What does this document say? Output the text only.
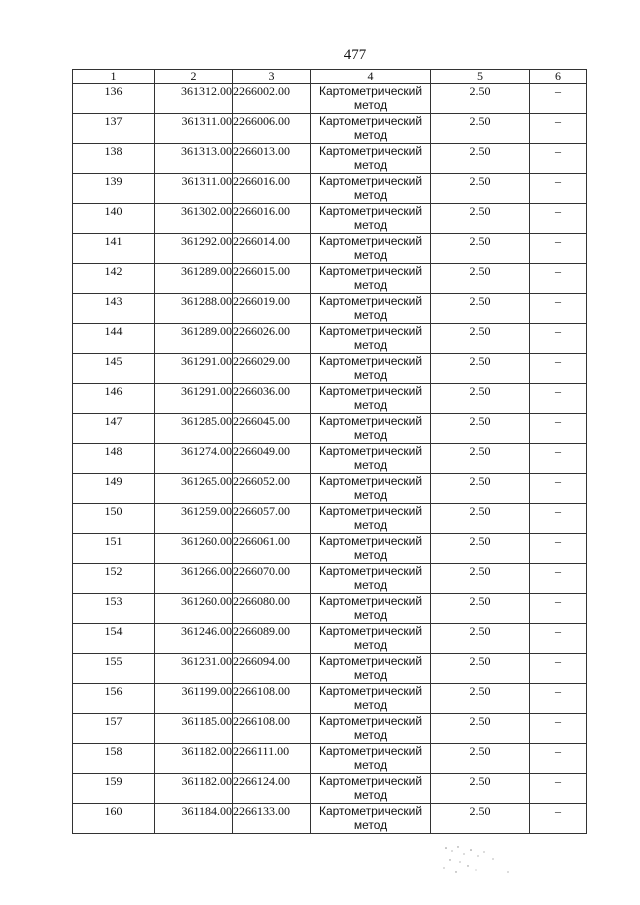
477
1	2	3	4	5	6
136	361312.00	2266002.00	Картометрический метод	2.50	–
137	361311.00	2266006.00	Картометрический метод	2.50	–
138	361313.00	2266013.00	Картометрический метод	2.50	–
139	361311.00	2266016.00	Картометрический метод	2.50	–
140	361302.00	2266016.00	Картометрический метод	2.50	–
141	361292.00	2266014.00	Картометрический метод	2.50	–
142	361289.00	2266015.00	Картометрический метод	2.50	–
143	361288.00	2266019.00	Картометрический метод	2.50	–
144	361289.00	2266026.00	Картометрический метод	2.50	–
145	361291.00	2266029.00	Картометрический метод	2.50	–
146	361291.00	2266036.00	Картометрический метод	2.50	–
147	361285.00	2266045.00	Картометрический метод	2.50	–
148	361274.00	2266049.00	Картометрический метод	2.50	–
149	361265.00	2266052.00	Картометрический метод	2.50	–
150	361259.00	2266057.00	Картометрический метод	2.50	–
151	361260.00	2266061.00	Картометрический метод	2.50	–
152	361266.00	2266070.00	Картометрический метод	2.50	–
153	361260.00	2266080.00	Картометрический метод	2.50	–
154	361246.00	2266089.00	Картометрический метод	2.50	–
155	361231.00	2266094.00	Картометрический метод	2.50	–
156	361199.00	2266108.00	Картометрический метод	2.50	–
157	361185.00	2266108.00	Картометрический метод	2.50	–
158	361182.00	2266111.00	Картометрический метод	2.50	–
159	361182.00	2266124.00	Картометрический метод	2.50	–
160	361184.00	2266133.00	Картометрический метод	2.50	–
